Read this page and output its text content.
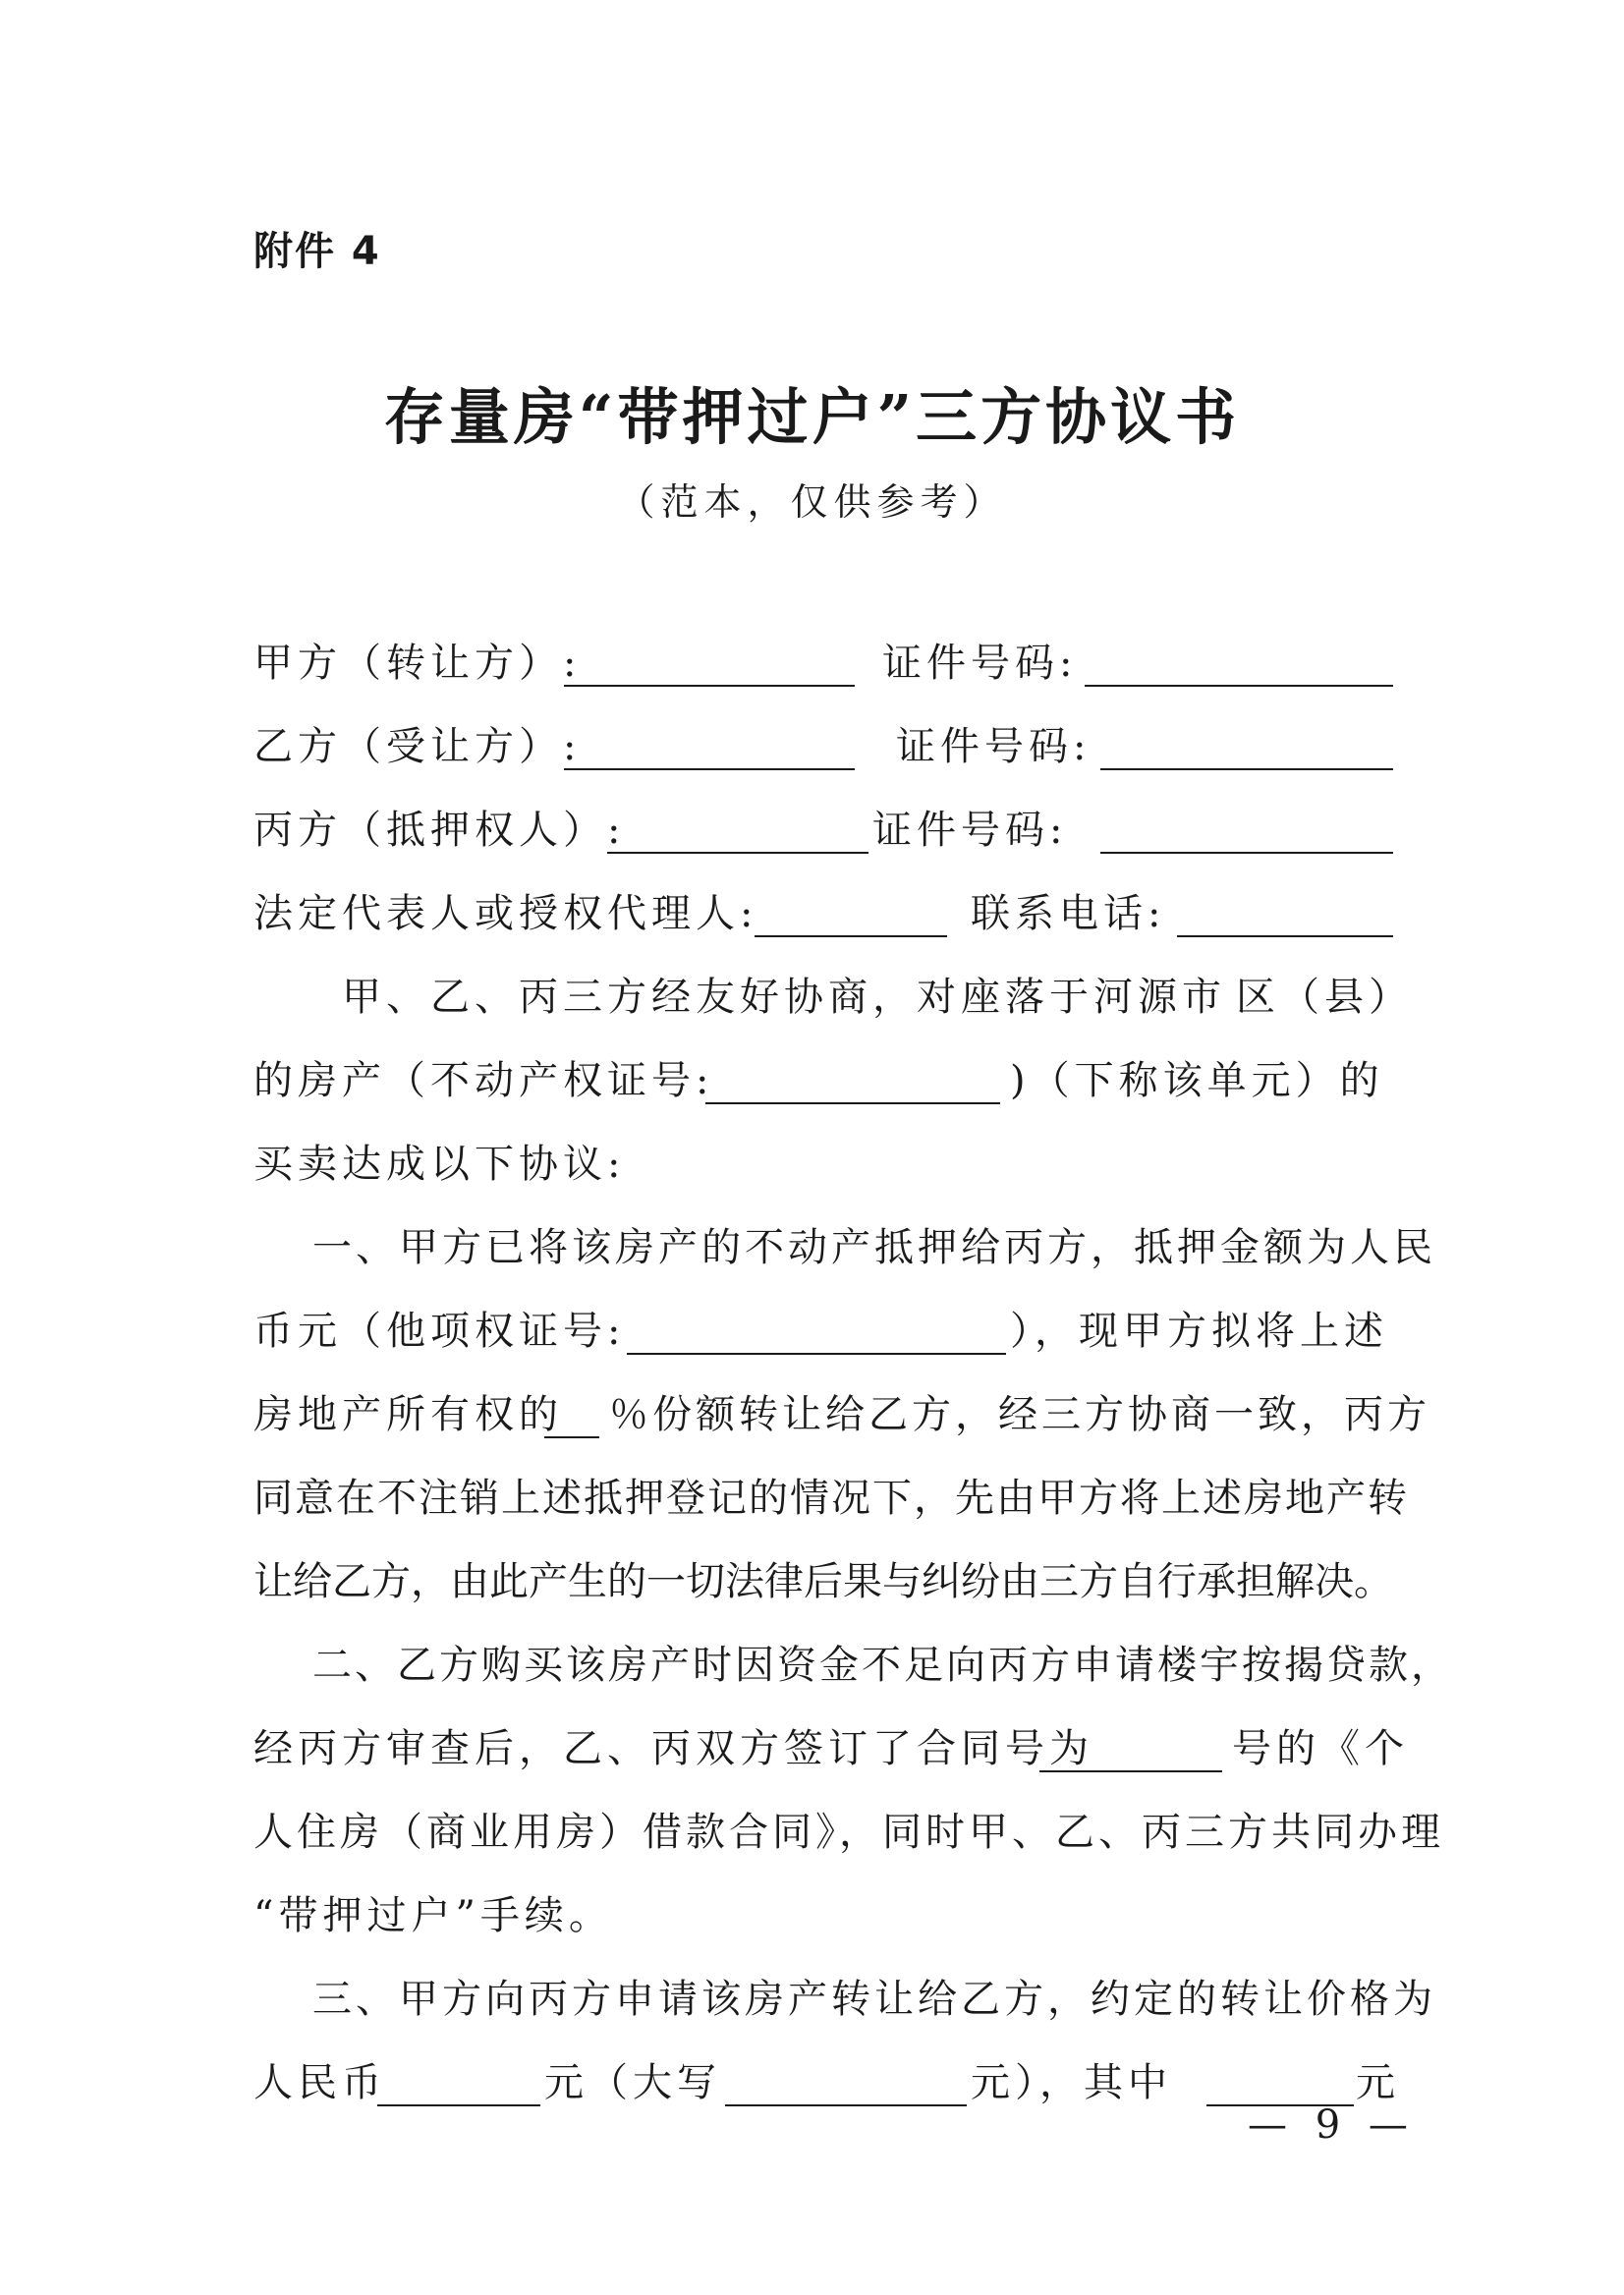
附件 4
存量房“带押过户”三方协议书
（范本，仅供参考）
甲方（转让方）:	证件号码:
乙方（受让方）:	证件号码:
丙方（抵押权人）:	证件号码:
法定代表人或授权代理人:	联系电话:
甲、乙、丙三方经友好协商，对座落于河源市 区（县）
的房产（不动产权证号:	)（下称该单元）的
买卖达成以下协议:
一、甲方已将该房产的不动产抵押给丙方，抵押金额为人民
币元（他项权证号:	），现甲方拟将上述
房地产所有权的 ％份额转让给乙方，经三方协商一致，丙方
同意在不注销上述抵押登记的情况下，先由甲方将上述房地产转
让给乙方，由此产生的一切法律后果与纠纷由三方自行承担解决。
二、乙方购买该房产时因资金不足向丙方申请楼宇按揭贷款，
经丙方审查后，乙、丙双方签订了合同号为	号的《个
人住房（商业用房）借款合同》，同时甲、乙、丙三方共同办理
“带押过户”手续。
三、甲方向丙方申请该房产转让给乙方，约定的转让价格为
人民币	元（大写	元），其中	元
— 9 —
